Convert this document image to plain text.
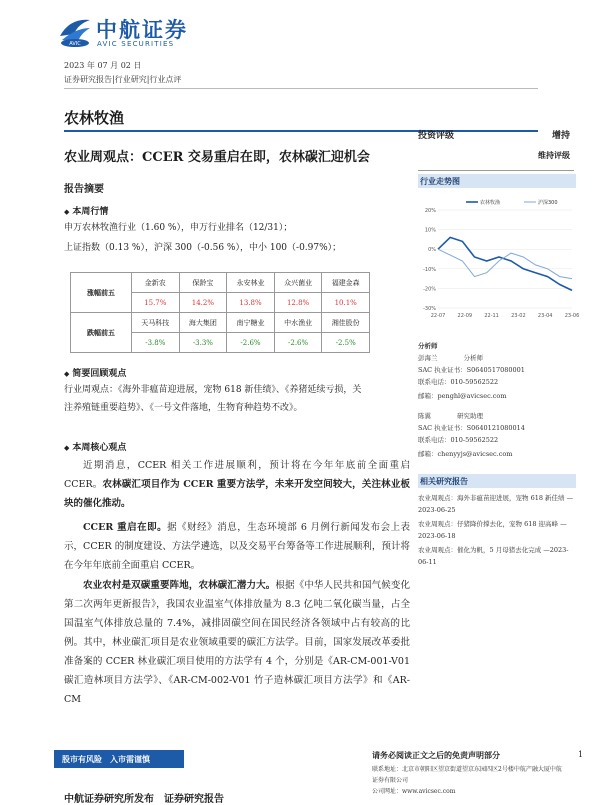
AVIC
中航证券
AVIC SECURITIES
2023 年 07 月 02 日
证券研究报告|行业研究|行业点评
农林牧渔
农业周观点：CCER 交易重启在即，农林碳汇迎机会
投资评级	增持
维持评级
报告摘要
◆ 本周行情
申万农林牧渔行业（1.60 %），申万行业排名（12/31）；
上证指数（0.13 %），沪深 300（-0.56 %），中小 100（-0.97%）；
涨幅前五	金新农	保龄宝	永安林业	众兴菌业	福建金森
	15.7%	14.2%	13.8%	12.8%	10.1%
跌幅前五	天马科技	海大集团	南宁糖业	中水渔业	湘佳股份
	-3.8%	-3.3%	-2.6%	-2.6%	-2.5%
◆ 简要回顾观点
行业周观点：《海外非瘟苗迎进展，宠物 618 新佳绩》、《养猪延续亏损，关
注养殖链重要趋势》、《一号文件落地，生物育种趋势不改》。
◆ 本周核心观点
近期消息，CCER 相关工作进展顺利，预计将在今年年底前全面重启 CCER。农林碳汇项目作为 CCER 重要方法学，未来开发空间较大，关注林业板块的催化推动。
CCER 重启在即。据《财经》消息，生态环境部 6 月例行新闻发布会上表示，CCER 的制度建设、方法学遴选，以及交易平台筹备等工作进展顺利，预计将在今年年底前全面重启 CCER。
农业农村是双碳重要阵地，农林碳汇潜力大。根据《中华人民共和国气候变化第二次两年更新报告》，我国农业温室气体排放量为 8.3 亿吨二氧化碳当量，占全国温室气体排放总量的 7.4%，减排固碳空间在国民经济各领域中占有较高的比例。其中，林业碳汇项目是农业领域重要的碳汇方法学。目前，国家发展改革委批准备案的 CCER 林业碳汇项目使用的方法学有 4 个，分别是《AR-CM-001-V01 碳汇造林项目方法学》、《AR-CM-002-V01 竹子造林碳汇项目方法学》和《AR-CM
行业走势图
20%
10%
0%
-10%
-20%
-30%
22-07 22-09 22-11 23-02 23-04 23-06
农林牧渔	沪深300
分析师
彭海兰　　　　	分析师
SAC 执业证书：S0640517080001
联系电话：010-59562522
邮箱：penghl@avicsec.com
陈翼　　　　	研究助理
SAC 执业证书：S0640121080014
联系电话：010-59562522
邮箱：chenyyjs@avicsec.com
相关研究报告
农业周观点：海外非瘟苗迎进展，宠物 618 新佳绩 —2023-06-25
农业周观点：仔猪降价撑去化，宠物 618 迎高峰 —2023-06-18
农业周观点：催化为帆，5 月母猪去化完成 —2023-06-11
股市有风险　入市需谨慎	请务必阅读正文之后的免责声明部分	1
联系地址：北京市朝阳区望京街道望京东园四区2号楼中航产融大厦中航证券有限公司
公司网址：www.avicsec.com
中航证券研究所发布　证券研究报告
